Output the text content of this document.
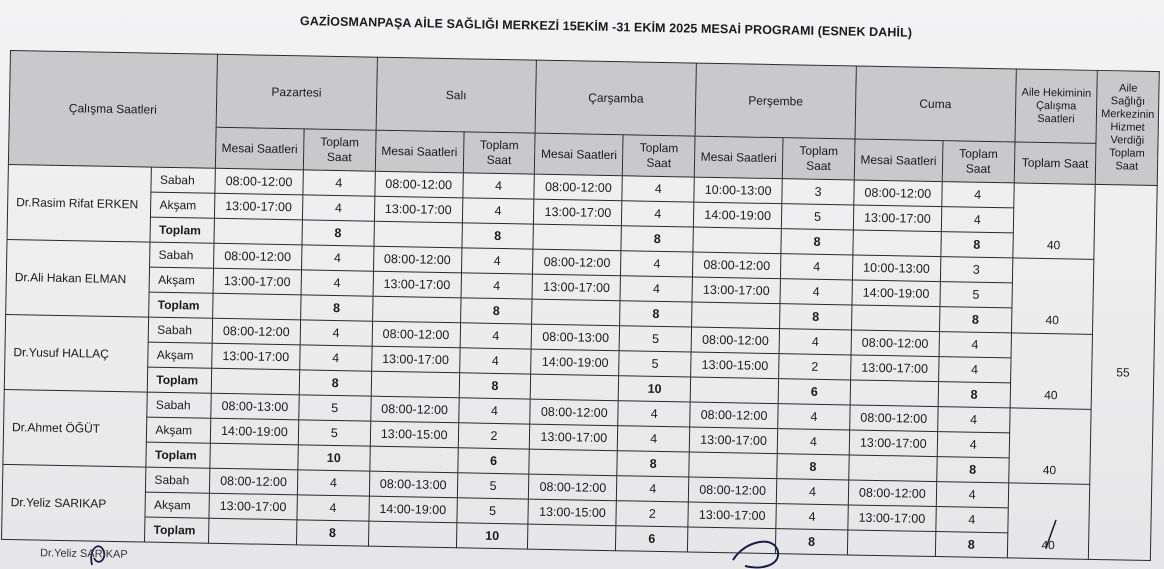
GAZİOSMANPAŞA AİLE SAĞLIĞI MERKEZİ 15EKİM -31 EKİM 2025 MESAİ PROGRAMI (ESNEK DAHİL)
Çalışma Saatleri		Pazartesi		Salı		Çarşamba		Perşembe		Cuma		Aile Hekiminin Çalışma Saatleri	Aile Sağlığı Merkezinin Hizmet Verdiği Toplam Saat
		Mesai Saatleri	Toplam Saat	Mesai Saatleri	Toplam Saat	Mesai Saatleri	Toplam Saat	Mesai Saatleri	Toplam Saat	Mesai Saatleri	Toplam Saat	Toplam Saat	
Dr.Rasim Rifat ERKEN	Sabah	08:00-12:00	4	08:00-12:00	4	08:00-12:00	4	10:00-13:00	3	08:00-12:00	4	40	55
	Akşam	13:00-17:00	4	13:00-17:00	4	13:00-17:00	4	14:00-19:00	5	13:00-17:00	4		
	Toplam		8		8		8		8		8		
Dr.Ali Hakan ELMAN	Sabah	08:00-12:00	4	08:00-12:00	4	08:00-12:00	4	08:00-12:00	4	10:00-13:00	3	40	
	Akşam	13:00-17:00	4	13:00-17:00	4	13:00-17:00	4	13:00-17:00	4	14:00-19:00	5		
	Toplam		8		8		8		8		8		
Dr.Yusuf HALLAÇ	Sabah	08:00-12:00	4	08:00-12:00	4	08:00-13:00	5	08:00-12:00	4	08:00-12:00	4	40	
	Akşam	13:00-17:00	4	13:00-17:00	4	14:00-19:00	5	13:00-15:00	2	13:00-17:00	4		
	Toplam		8		8		10		6		8		
Dr.Ahmet ÖĞÜT	Sabah	08:00-13:00	5	08:00-12:00	4	08:00-12:00	4	08:00-12:00	4	08:00-12:00	4	40	
	Akşam	14:00-19:00	5	13:00-15:00	2	13:00-17:00	4	13:00-17:00	4	13:00-17:00	4		
	Toplam		10		6		8		8		8		
Dr.Yeliz SARIKAP	Sabah	08:00-12:00	4	08:00-13:00	5	08:00-12:00	4	08:00-12:00	4	08:00-12:00	4	40	
	Akşam	13:00-17:00	4	14:00-19:00	5	13:00-15:00	2	13:00-17:00	4	13:00-17:00	4		
	Toplam		8		10		6		8		8		
Dr.Yeliz SARIKAP
